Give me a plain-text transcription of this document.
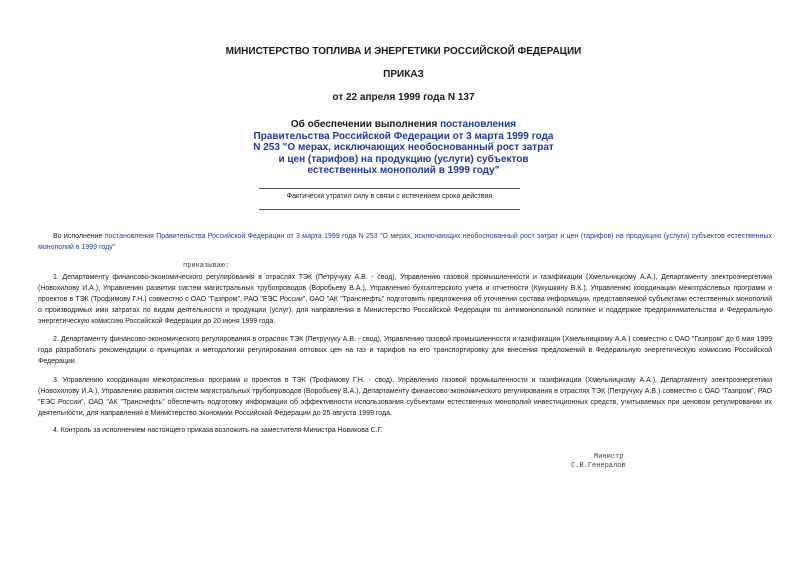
МИНИСТЕРСТВО ТОПЛИВА И ЭНЕРГЕТИКИ РОССИЙСКОЙ ФЕДЕРАЦИИ
ПРИКАЗ
от 22 апреля 1999 года N 137
Об обеспечении выполнения постановления
Правительства Российской Федерации от 3 марта 1999 года
N 253 "О мерах, исключающих необоснованный рост затрат
и цен (тарифов) на продукцию (услуги) субъектов
естественных монополий в 1999 году"
Фактически утратил силу в связи с истечением срока действия
Во исполнение постановления Правительства Российской Федерации от 3 марта 1999 года N 253 "О мерах, исключающих необоснованный рост затрат и цен (тарифов) на продукцию (услуги) субъектов естественных монополий в 1999 году"
приказываю:
1. Департаменту финансово-экономического регулирования в отраслях ТЭК (Петручуку А.В. - свод), Управлению газовой промышленности и газификации (Хмельницкому А.А.), Департаменту электроэнергетики (Новохилову И.А.), Управлению развития систем магистральных трубопроводов (Воробьеву В.А.), Управлению бухгалтерского учета и отчетности (Кукушкину В.К.), Управлению координации межотраслевых программ и проектов в ТЭК (Трофимову Г.Н.) совместно с ОАО "Газпром", РАО "ЕЭС России", ОАО "АК "Транснефть" подготовить предложения об уточнении состава информации, представляемой субъектами естественных монополий о производимых ими затратах по видам деятельности и продукции (услуг), для направления в Министерство Российской Федерации по антимонопольной политике и поддержке предпринимательства и Федеральную энергетическую комиссию Российской Федерации до 20 июня 1999 года.
2. Департаменту финансово-экономического регулирования в отраслях ТЭК (Петручуку А.В. - свод), Управлению газовой промышленности и газификации (Хмельницкому А.А.) совместно с ОАО "Газпром" до 6 мая 1999 года разработать рекомендации о принципах и методологии регулирования оптовых цен на газ и тарифов на его транспортировку для внесения предложений в Федеральную энергетическую комиссию Российской Федерации.
3. Управлению координации межотраслевых программ и проектов в ТЭК (Трофимову Г.Н. - свод), Управлению газовой промышленности и газификации (Хмельницкому А.А.), Департаменту электроэнергетики (Новохилову И.А.), Управлению развития систем магистральных трубопроводов (Воробьеву В.А.), Департаменту финансово-экономического регулирования в отраслях ТЭК (Петручуку А.В.) совместно с ОАО "Газпром", РАО "ЕЭС России", ОАО "АК "Транснефть" обеспечить подготовку информации об эффективности использования субъектами естественных монополий инвестиционных средств, учитываемых при ценовом регулировании их деятельности, для направления в Министерство экономики Российской Федерации до 25 августа 1999 года.
4. Контроль за исполнением настоящего приказа возложить на заместителя Министра Новикова С.Г.
Министр
С.В.Генералов
